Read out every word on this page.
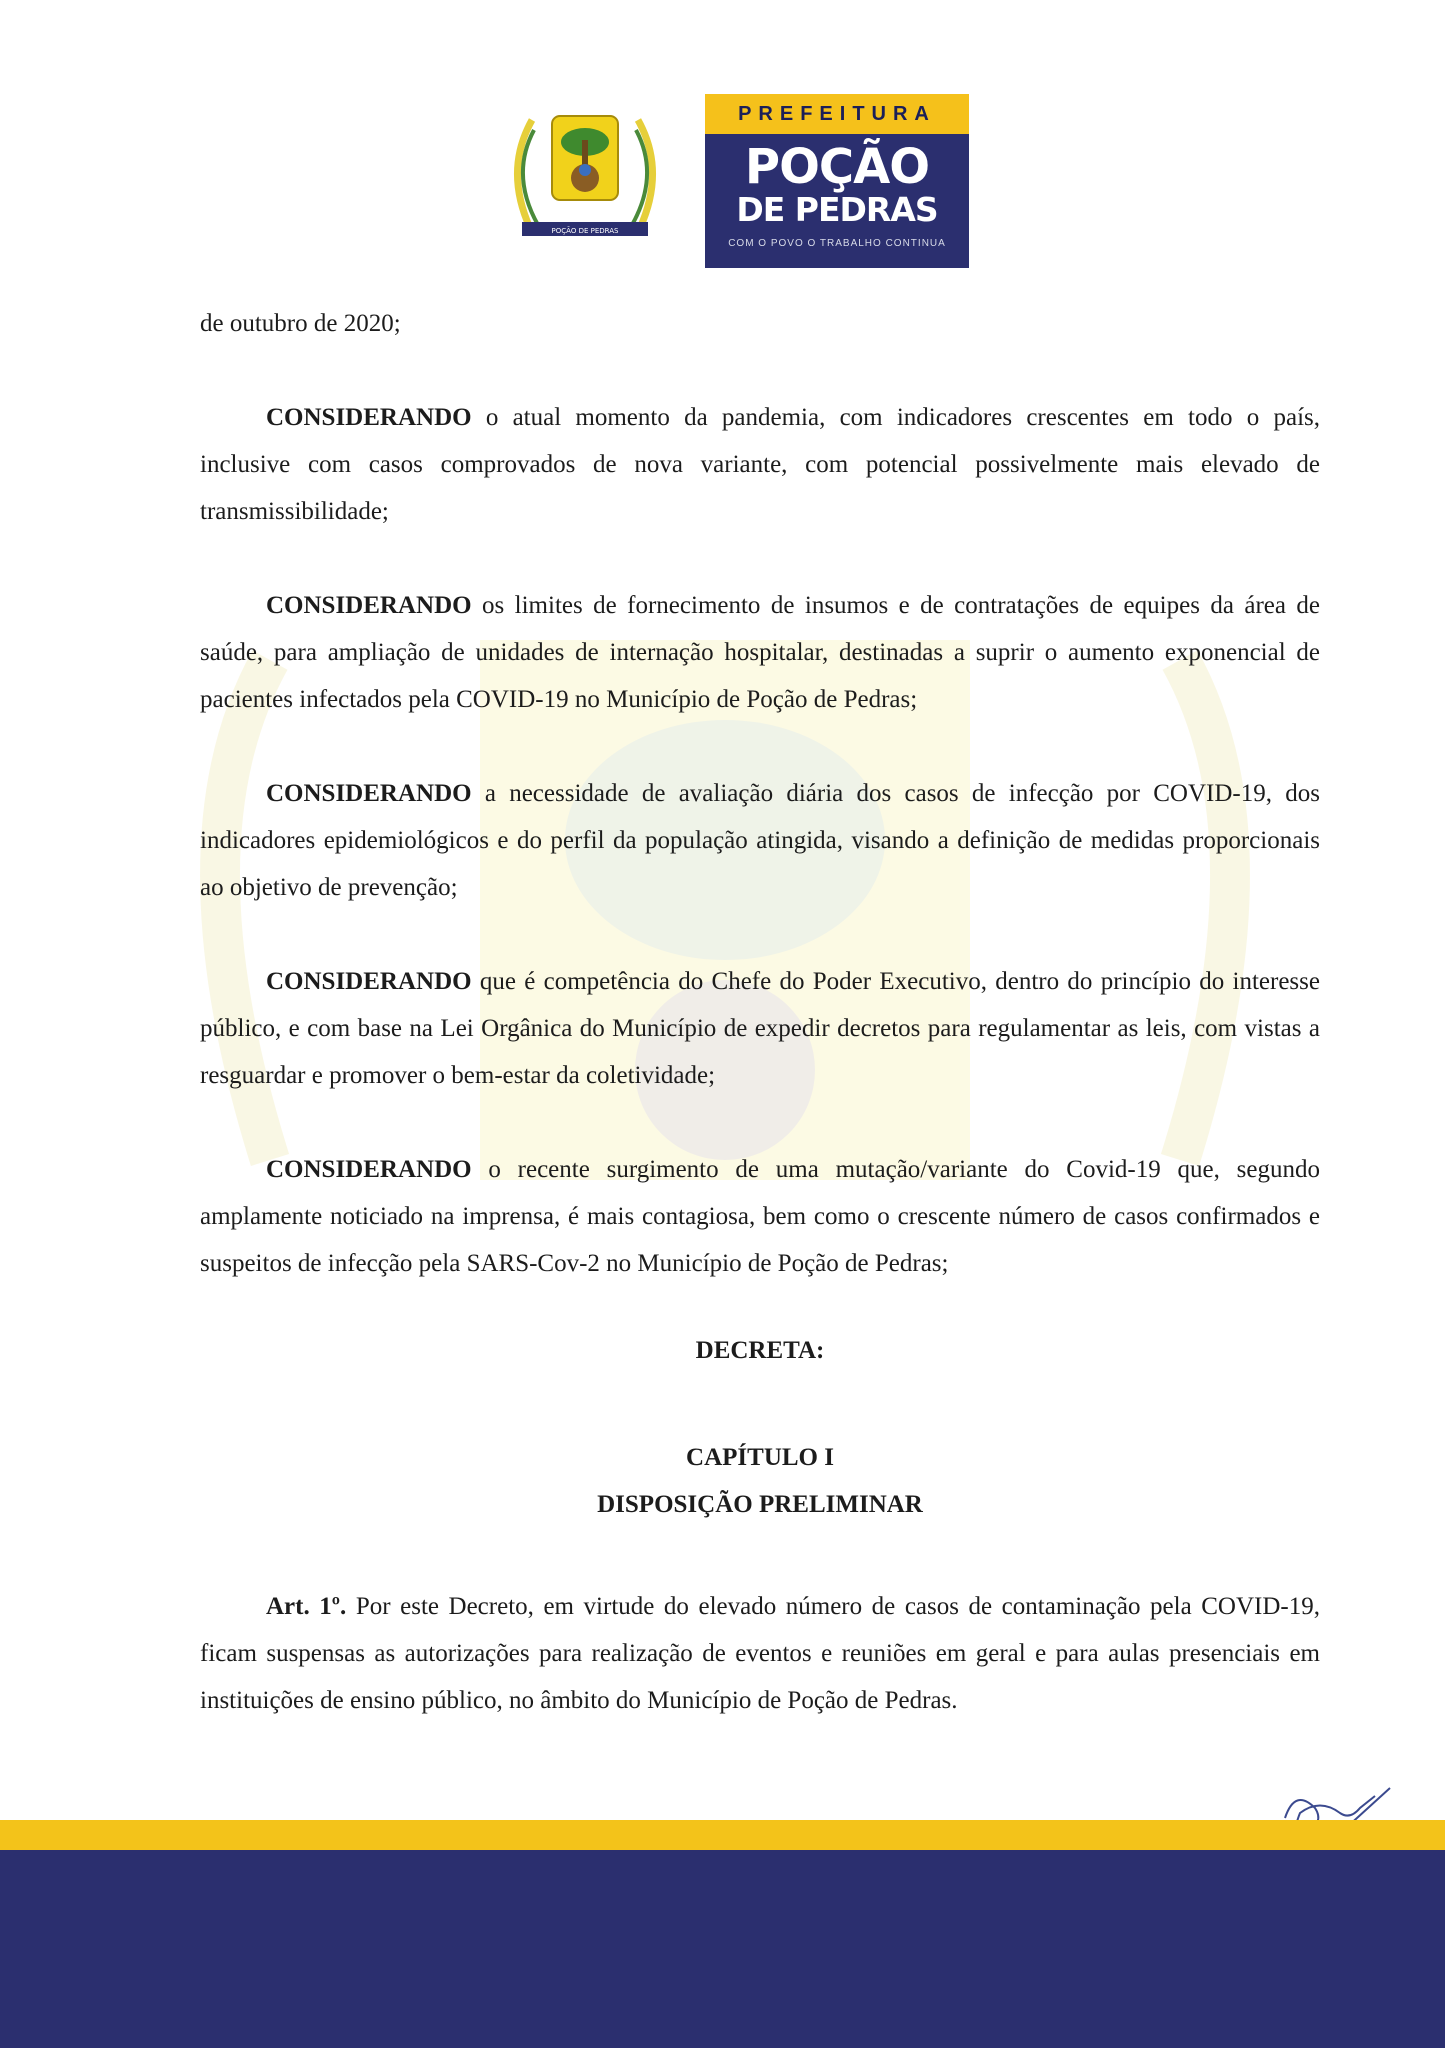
POÇÃO DE PEDRAS
PREFEITURA
POÇÃO
DE PEDRAS
COM O POVO O TRABALHO CONTINUA

de outubro de 2020;

CONSIDERANDO o atual momento da pandemia, com indicadores crescentes em todo o país, inclusive com casos comprovados de nova variante, com potencial possivelmente mais elevado de transmissibilidade;

CONSIDERANDO os limites de fornecimento de insumos e de contratações de equipes da área de saúde, para ampliação de unidades de internação hospitalar, destinadas a suprir o aumento exponencial de pacientes infectados pela COVID-19 no Município de Poção de Pedras;

CONSIDERANDO a necessidade de avaliação diária dos casos de infecção por COVID-19, dos indicadores epidemiológicos e do perfil da população atingida, visando a definição de medidas proporcionais ao objetivo de prevenção;

CONSIDERANDO que é competência do Chefe do Poder Executivo, dentro do princípio do interesse público, e com base na Lei Orgânica do Município de expedir decretos para regulamentar as leis, com vistas a resguardar e promover o bem-estar da coletividade;

CONSIDERANDO o recente surgimento de uma mutação/variante do Covid-19 que, segundo amplamente noticiado na imprensa, é mais contagiosa, bem como o crescente número de casos confirmados e suspeitos de infecção pela SARS-Cov-2 no Município de Poção de Pedras;

DECRETA:

CAPÍTULO I

DISPOSIÇÃO PRELIMINAR

Art. 1º. Por este Decreto, em virtude do elevado número de casos de contaminação pela COVID-19, ficam suspensas as autorizações para realização de eventos e reuniões em geral e para aulas presenciais em instituições de ensino público, no âmbito do Município de Poção de Pedras.
